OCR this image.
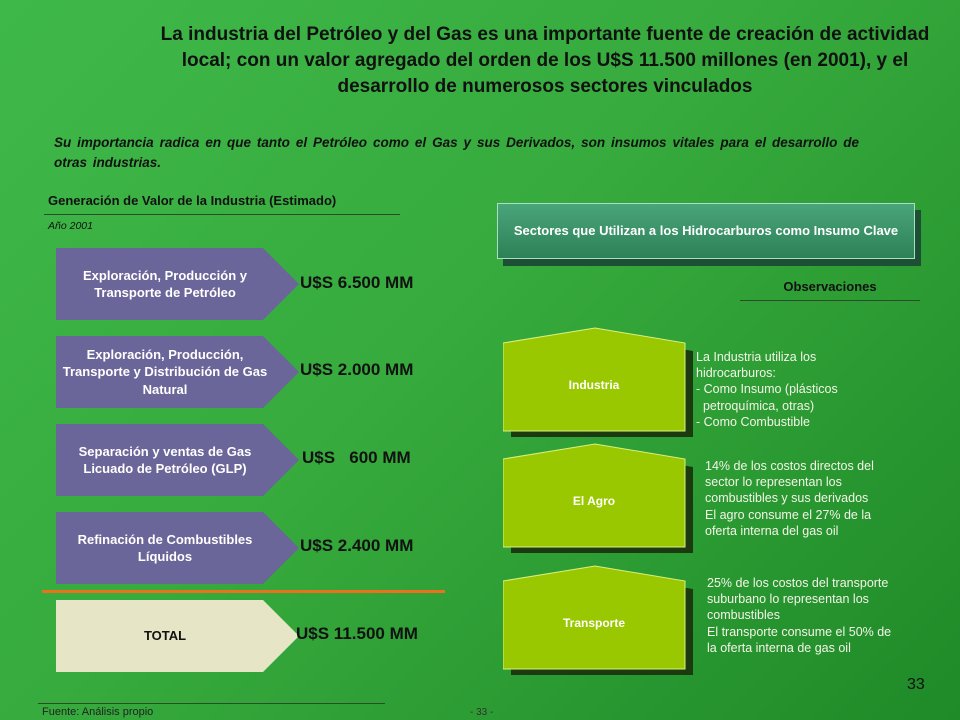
La industria del Petróleo y del Gas es una importante fuente de creación de actividad local; con un valor agregado del orden de los U$S 11.500 millones (en 2001), y el desarrollo de numerosos sectores vinculados
Su importancia radica en que tanto el Petróleo como el Gas y sus Derivados, son insumos vitales para el desarrollo de otras industrias.
Generación de Valor de la Industria (Estimado)
Año 2001
Exploración, Producción y Transporte de Petróleo
U$S 6.500 MM
Exploración, Producción, Transporte y Distribución de Gas Natural
U$S 2.000 MM
Separación y ventas de Gas Licuado de Petróleo (GLP)
U$S   600 MM
Refinación de Combustibles Líquidos
U$S 2.400 MM
TOTAL	U$S 11.500 MM
Sectores que Utilizan a los Hidrocarburos como Insumo Clave
Observaciones
Industria
La Industria utiliza los
hidrocarburos:
- Como Insumo (plásticos
petroquímica, otras)
- Como Combustible
El Agro
14% de los costos directos del
sector lo representan los
combustibles y sus derivados
El agro consume el 27% de la
oferta interna del gas oil
Transporte
25% de los costos del transporte
suburbano lo representan los
combustibles
El transporte consume el 50% de
la oferta interna de gas oil
33
Fuente: Análisis propio	- 33 -
